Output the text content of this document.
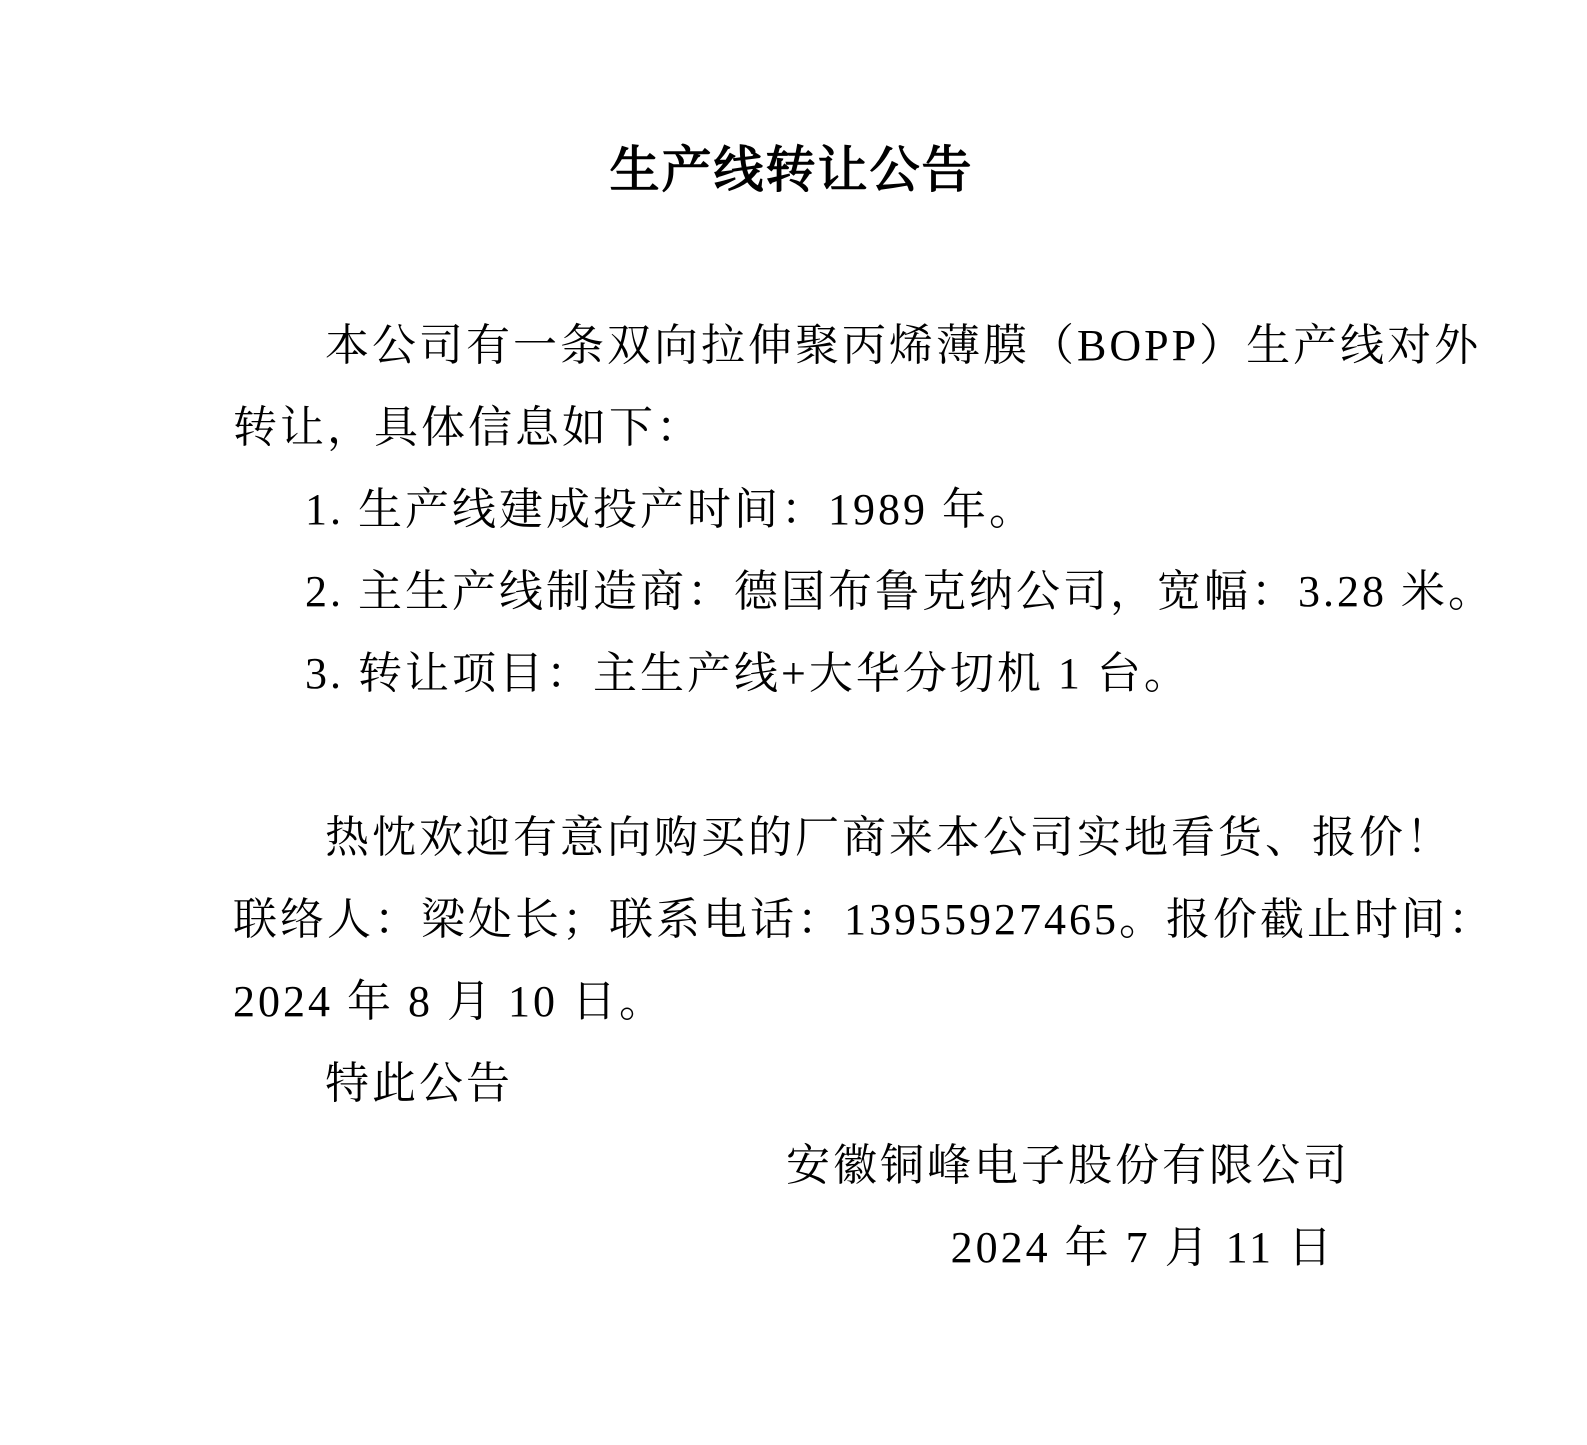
生产线转让公告
本公司有一条双向拉伸聚丙烯薄膜（BOPP）生产线对外
转让，具体信息如下：
1. 生产线建成投产时间：1989 年。
2. 主生产线制造商：德国布鲁克纳公司，宽幅：3.28 米。
3. 转让项目：主生产线+大华分切机 1 台。
热忱欢迎有意向购买的厂商来本公司实地看货、报价！
联络人：梁处长；联系电话：13955927465。报价截止时间：
2024 年 8 月 10 日。
特此公告
安徽铜峰电子股份有限公司
2024 年 7 月 11 日
